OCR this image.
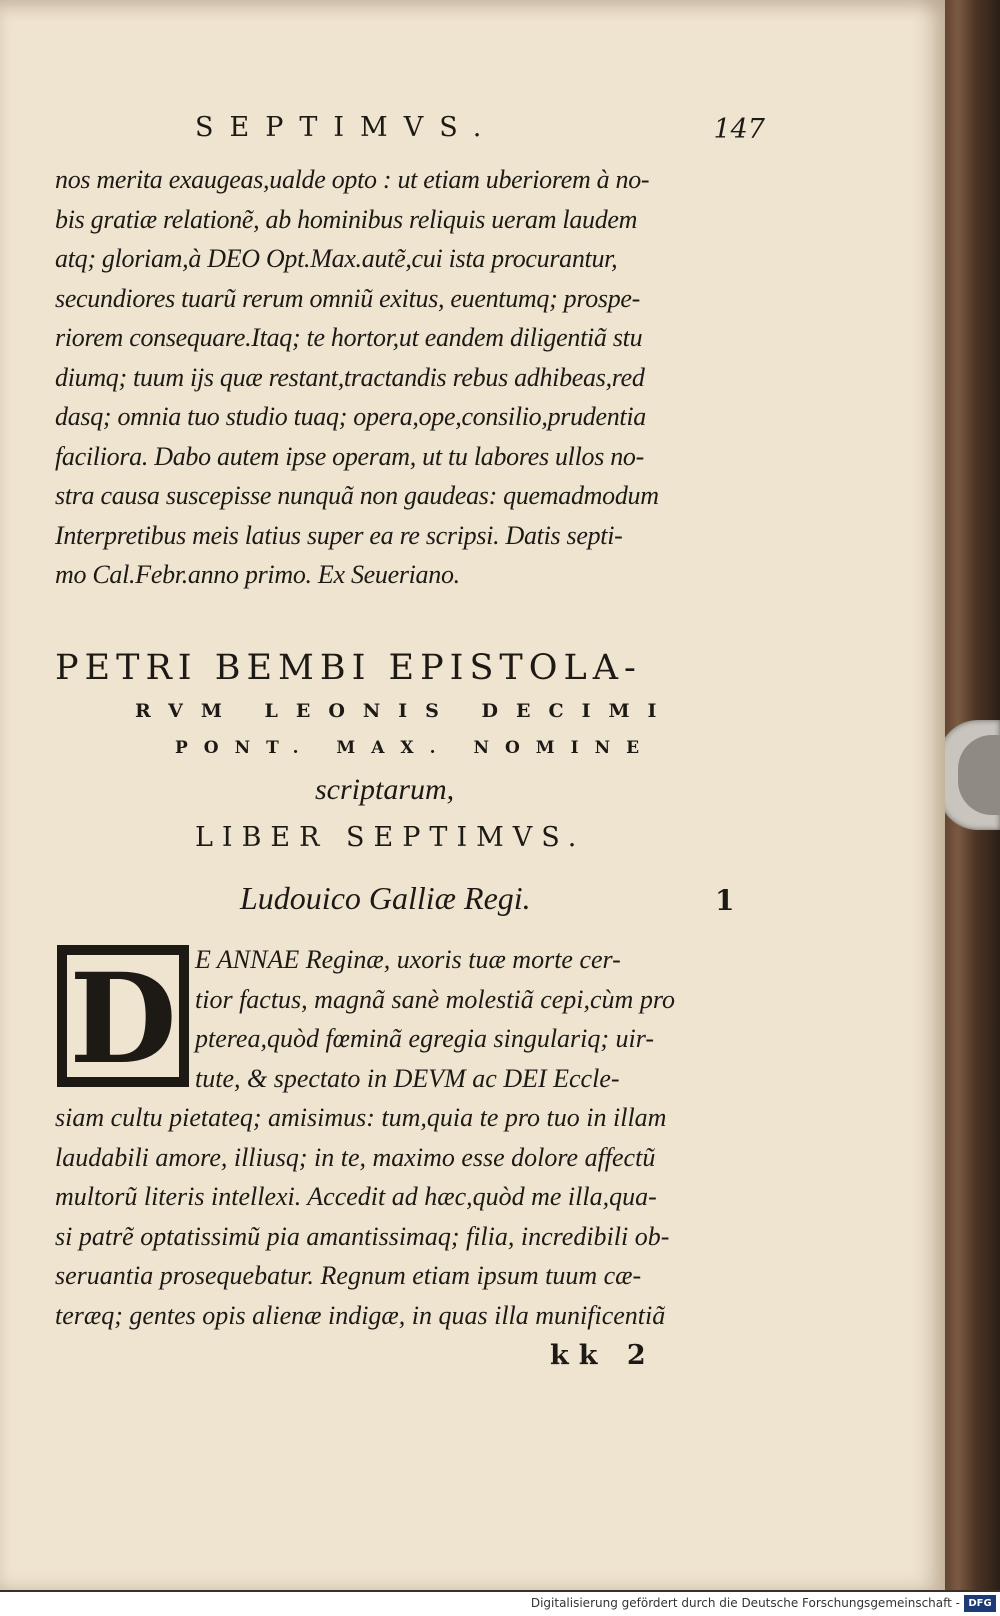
SEPTIMVS.	147
nos merita exaugeas,ualde opto : ut etiam uberiorem à no-
bis gratiæ relationẽ, ab hominibus reliquis ueram laudem
atq; gloriam,à DEO Opt.Max.autẽ,cui ista procurantur,
secundiores tuarũ rerum omniũ exitus, euentumq; prospe-
riorem consequare.Itaq; te hortor,ut eandem diligentiã stu
diumq; tuum ijs quæ restant,tractandis rebus adhibeas,red
dasq; omnia tuo studio tuaq; opera,ope,consilio,prudentia
faciliora. Dabo autem ipse operam, ut tu labores ullos no-
stra causa suscepisse nunquã non gaudeas: quemadmodum
Interpretibus meis latius super ea re scripsi. Datis septi-
mo Cal.Febr.anno primo. Ex Seueriano.
PETRI BEMBI EPISTOLA-
RVM LEONIS DECIMI
PONT. MAX. NOMINE
scriptarum,
LIBER SEPTIMVS.
Ludouico Galliæ Regi.	1
D E ANNAE Reginæ, uxoris tuæ morte cer-
tior factus, magnã sanè molestiã cepi,cùm pro
pterea,quòd fœminã egregia singulariq; uir-
tute, & spectato in DEVM ac DEI Eccle-
siam cultu pietateq; amisimus: tum,quia te pro tuo in illam
laudabili amore, illiusq; in te, maximo esse dolore affectũ
multorũ literis intellexi. Accedit ad hæc,quòd me illa,qua-
si patrẽ optatissimũ pia amantissimaq; filia, incredibili ob-
seruantia prosequebatur. Regnum etiam ipsum tuum cæ-
teræq; gentes opis alienæ indigæ, in quas illa munificentiã
kk 2
Digitalisierung gefördert durch die Deutsche Forschungsgemeinschaft - DFG
